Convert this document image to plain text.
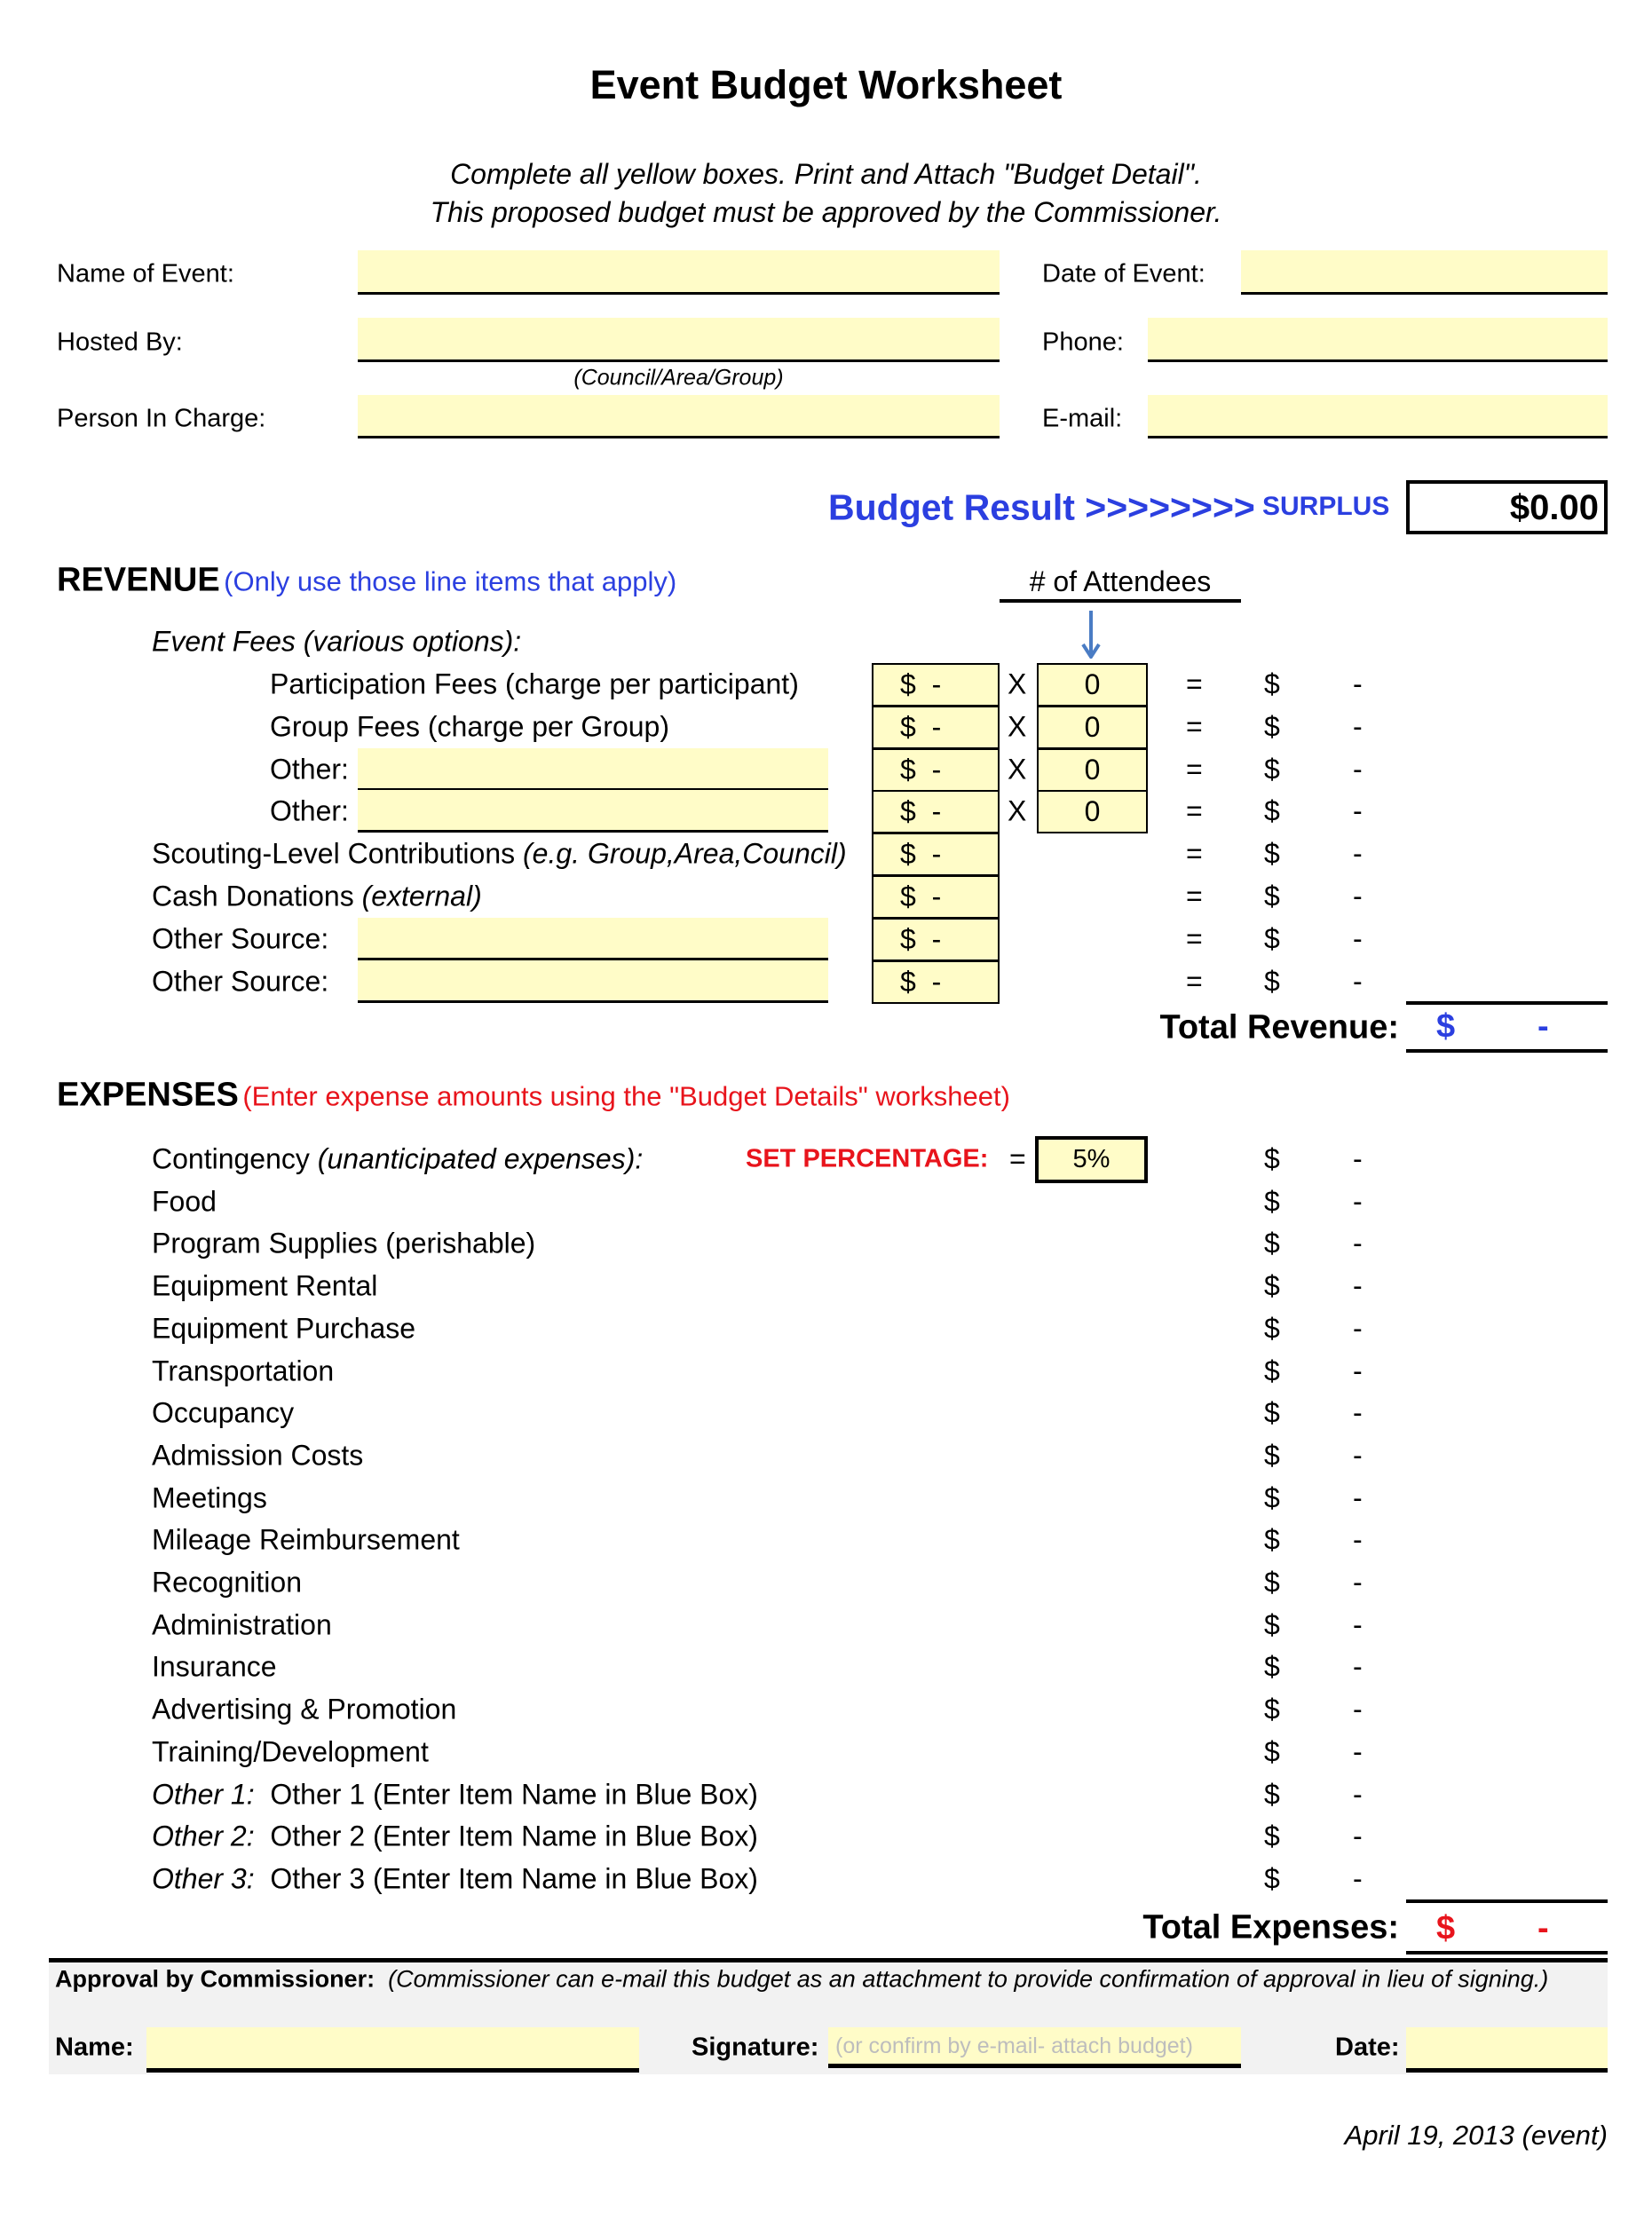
Event Budget Worksheet
Complete all yellow boxes. Print and Attach "Budget Detail".
This proposed budget must be approved by the Commissioner.
Name of Event:	Date of Event:
Hosted By:
(Council/Area/Group)
Phone:
Person In Charge:	E-mail:
Budget Result >>>>>>>> SURPLUS	$0.00
REVENUE (Only use those line items that apply)	# of Attendees
Event Fees (various options):
Participation Fees (charge per participant)	$  -	X	0	= $	-
Group Fees (charge per Group)	$  -	X	0	= $	-
Other:	$  -	X	0	= $	-
Other:	$  -	X	0	= $	-
Scouting-Level Contributions (e.g. Group,Area,Council)	$  -	= $	-
Cash Donations (external)	$  -	= $	-
Other Source:	$  -	= $	-
Other Source:	$  -	= $	-
Total Revenue: $ -
EXPENSES (Enter expense amounts using the "Budget Details" worksheet)
SET PERCENTAGE: =	5%
Contingency (unanticipated expenses):	$	-
Food	$	-
Program Supplies (perishable)	$	-
Equipment Rental	$	-
Equipment Purchase	$	-
Transportation	$	-
Occupancy	$	-
Admission Costs	$	-
Meetings	$	-
Mileage Reimbursement	$	-
Recognition	$	-
Administration	$	-
Insurance	$	-
Advertising & Promotion	$	-
Training/Development	$	-
Other 1: Other 1 (Enter Item Name in Blue Box)	$	-
Other 2: Other 2 (Enter Item Name in Blue Box)	$	-
Other 3: Other 3 (Enter Item Name in Blue Box)	$	-
Total Expenses: $ -
Approval by Commissioner: (Commissioner can e-mail this budget as an attachment to provide confirmation of approval in lieu of signing.)
Name:	Signature: (or confirm by e-mail- attach budget)	Date:
April 19, 2013 (event)
